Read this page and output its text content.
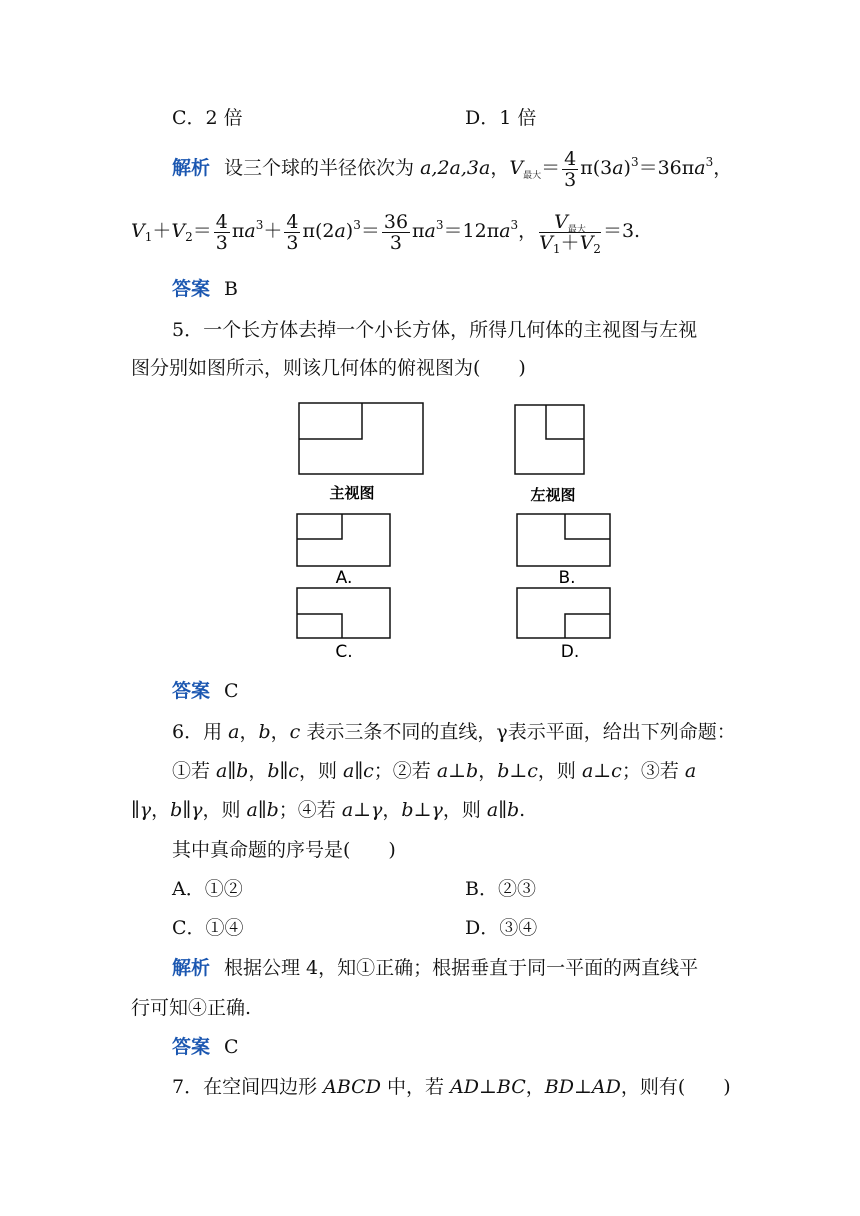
C．2 倍	D．1 倍
解析 设三个球的半径依次为 a,2a,3a，$V_{最大}= \frac{4}{3} \pi(3a)^3=36\pi a^3$，
$V_1+V_2= \frac{4}{3} \pi a^3+ \frac{4}{3} \pi(2a)^3= \frac{36}{3} \pi a^3=12\pi a^3$， $\frac{V_{最大}}{V_1+V_2} =3$.
答案 B
5．一个长方体去掉一个小长方体，所得几何体的主视图与左视
图分别如图所示，则该几何体的俯视图为(　　)
主视图	左视图
A.	B.
C.	D.
答案 C
6．用 a，b，c 表示三条不同的直线，γ表示平面，给出下列命题：
①若 a∥b，b∥c，则 a∥c；②若 a⊥b，b⊥c，则 a⊥c；③若 a
∥γ，b∥γ，则 a∥b；④若 a⊥γ，b⊥γ，则 a∥b.
其中真命题的序号是(　　)
A．①②	B．②③
C．①④	D．③④
解析 根据公理 4，知①正确；根据垂直于同一平面的两直线平
行可知④正确.
答案 C
7．在空间四边形 ABCD 中，若 AD⊥BC，BD⊥AD，则有(　　)
